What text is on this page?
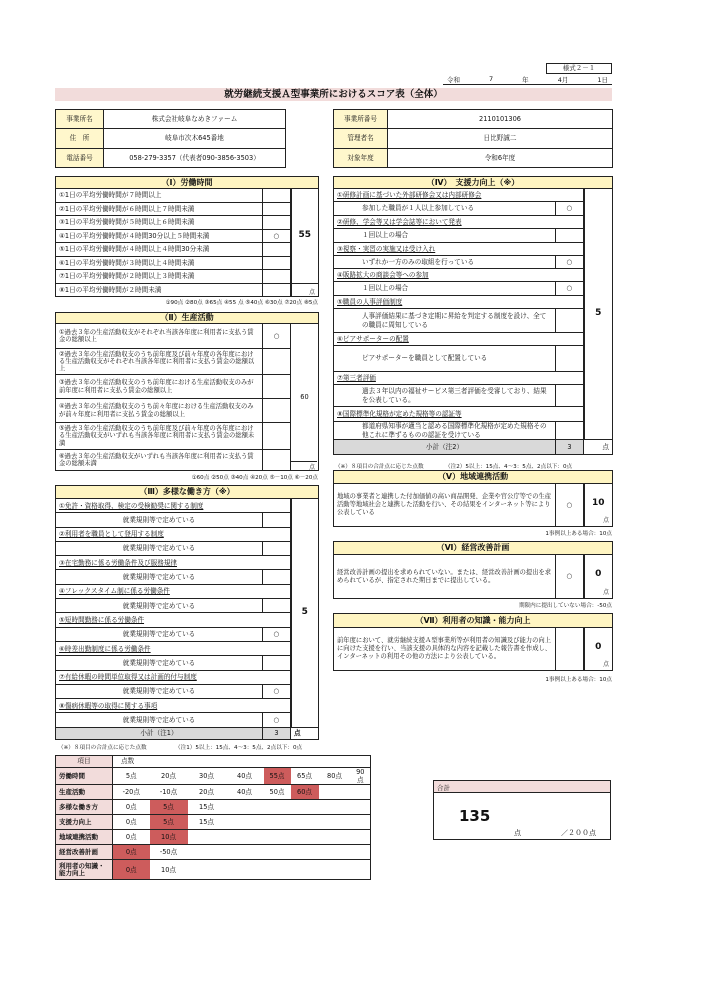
様式２－１
令和	7	年	4月	1日
就労継続支援Ａ型事業所におけるスコア表（全体）
事業所名	株式会社岐阜なめきファーム
住　所	岐阜市次木645番地
電話番号	058-279-3357（代表者090-3856-3503）
事業所番号	2110101306
管理者名	日比野誠二
対象年度	令和6年度
（Ⅰ）労働時間		
①1日の平均労働時間が７時間以上		55
②1日の平均労働時間が６時間以上７時間未満		
③1日の平均労働時間が５時間以上６時間未満		
④1日の平均労働時間が４時間30分以上５時間未満	○	
⑤1日の平均労働時間が４時間以上４時間30分未満		
⑥1日の平均労働時間が３時間以上４時間未満		
⑦1日の平均労働時間が２時間以上３時間未満		
⑧1日の平均労働時間が２時間未満		点
①90点 ②80点 ③65点 ④55 点 ⑤40点 ⑥30点 ⑦20点 ⑧5点
（Ⅱ）生産活動		
①過去３年の生産活動収支がそれぞれ当該各年度に利用者に支払う賃金の総額以上	○	60
②過去３年の生産活動収支のうち前年度及び前々年度の各年度における生産活動収支がそれぞれ当該各年度に利用者に支払う賃金の総額以上		
③過去３年の生産活動収支のうち前年度における生産活動収支のみが前年度に利用者に支払う賃金の総額以上		
④過去３年の生産活動収支のうち前々年度における生産活動収支のみが前々年度に利用者に支払う賃金の総額以上		
⑤過去３年の生産活動収支のうち前年度及び前々年度の各年度における生産活動収支がいずれも当該各年度に利用者に支払う賃金の総額未満		
⑥過去３年の生産活動収支がいずれも当該各年度に利用者に支払う賃金の総額未満		
点
①60点 ②50点 ③40点 ④20点 ⑤－10点 ⑥－20点
（Ⅲ）多様な働き方（※）		
①免許・資格取得、検定の受検勧奨に関する制度		5
就業規則等で定めている		
②利用者を職員として登用する制度		
就業規則等で定めている		
③在宅勤務に係る労働条件及び服務規律		
就業規則等で定めている		
④フレックスタイム制に係る労働条件		
就業規則等で定めている		
⑤短時間勤務に係る労働条件		
就業規則等で定めている	○	
⑥時差出勤制度に係る労働条件		
就業規則等で定めている		
⑦有給休暇の時間単位取得又は計画的付与制度		
就業規則等で定めている	○	
⑧傷病休暇等の取得に関する事項		
就業規則等で定めている	○	
小計（注1）	3	点
（※）８項目の合計点に応じた点数	（注1）5以上：15点、4～3：5点、2点以下：0点
（Ⅳ）　支援力向上（※）		
①研修計画に基づいた外部研修会又は内部研修会		5
参加した職員が１人以上参加している	○	
②研修、学会等又は学会誌等において発表		
１回以上の場合		
③視察・実習の実施又は受け入れ		
いずれか一方のみの取組を行っている	○	
④販路拡大の商談会等への参加		
１回以上の場合	○	
⑤職員の人事評価制度		
人事評価結果に基づき定期に昇給を判定する制度を設け、全ての職員に周知している		
⑥ピアサポーターの配置		
ピアサポーターを職員として配置している		
⑦第三者評価		
過去３年以内の福祉サービス第三者評価を受審しており、結果を公表している。		
⑧国際標準化規格が定めた規格等の認証等		
都道府県知事が適当と認める国際標準化規格が定めた規格その他これに準ずるものの認証を受けている		
小計（注2）	3	点
（※）８項目の合計点に応じた点数	（注2）5以上：15点、4～3：5点、2点以下：0点
（Ⅴ）地域連携活動
地域の事業者と連携した付加価値の高い商品開発、企業や官公庁等での生産活動等地域社会と連携した活動を行い、その結果をインターネット等により公表している	○	10
点
1事例以上ある場合：10点
（Ⅵ）経営改善計画
経営改善計画の提出を求められていない。または、経営改善計画の提出を求められているが、指定された期日までに提出している。	○	0
点
期限内に提出していない場合：-50点
（Ⅶ）利用者の知識・能力向上
前年度において、就労継続支援Ａ型事業所等が利用者の知識及び能力の向上に向けた支援を行い、当該支援の具体的な内容を記載した報告書を作成し、インターネットの利用その他の方法により公表している。		
0
点
1事例以上ある場合：10点
項目	点数							
労働時間	5点	20点	30点	40点	55点	65点	80点	90点
生産活動	-20点	-10点	20点	40点	50点	60点		
多様な働き方	0点	5点	15点					
支援力向上	0点	5点	15点					
地域連携活動	0点	10点						
経営改善計画	0点	-50点						
利用者の知識・能力向上	0点	10点						
合計
135
点	／２００点
